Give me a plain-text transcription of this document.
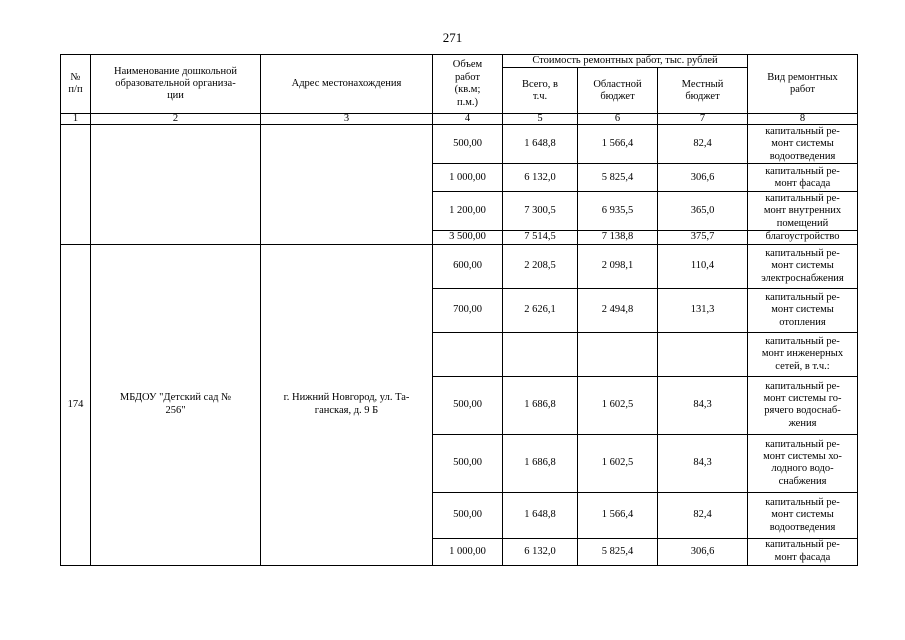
271
№
п/п	Наименование дошкольной
образовательной организа-
ции	Адрес местонахождения	Объем
работ
(кв.м;
п.м.)	Стоимость ремонтных работ, тыс. рублей			Вид ремонтных
работ
				Всего, в
т.ч.	Областной
бюджет	Местный
бюджет	
1	2	3	4	5	6	7	8
			500,00	1 648,8	1 566,4	82,4	капитальный ре-
монт системы
водоотведения
			1 000,00	6 132,0	5 825,4	306,6	капитальный ре-
монт фасада
			1 200,00	7 300,5	6 935,5	365,0	капитальный ре-
монт внутренних
помещений
			3 500,00	7 514,5	7 138,8	375,7	благоустройство
174	МБДОУ "Детский сад №
256"	г. Нижний Новгород, ул. Та-
ганская, д. 9 Б	600,00	2 208,5	2 098,1	110,4	капитальный ре-
монт системы
электроснабжения
			700,00	2 626,1	2 494,8	131,3	капитальный ре-
монт системы
отопления
							капитальный ре-
монт инженерных
сетей, в т.ч.:
			500,00	1 686,8	1 602,5	84,3	капитальный ре-
монт системы го-
рячего водоснаб-
жения
			500,00	1 686,8	1 602,5	84,3	капитальный ре-
монт системы хо-
лодного водо-
снабжения
			500,00	1 648,8	1 566,4	82,4	капитальный ре-
монт системы
водоотведения
			1 000,00	6 132,0	5 825,4	306,6	капитальный ре-
монт фасада
